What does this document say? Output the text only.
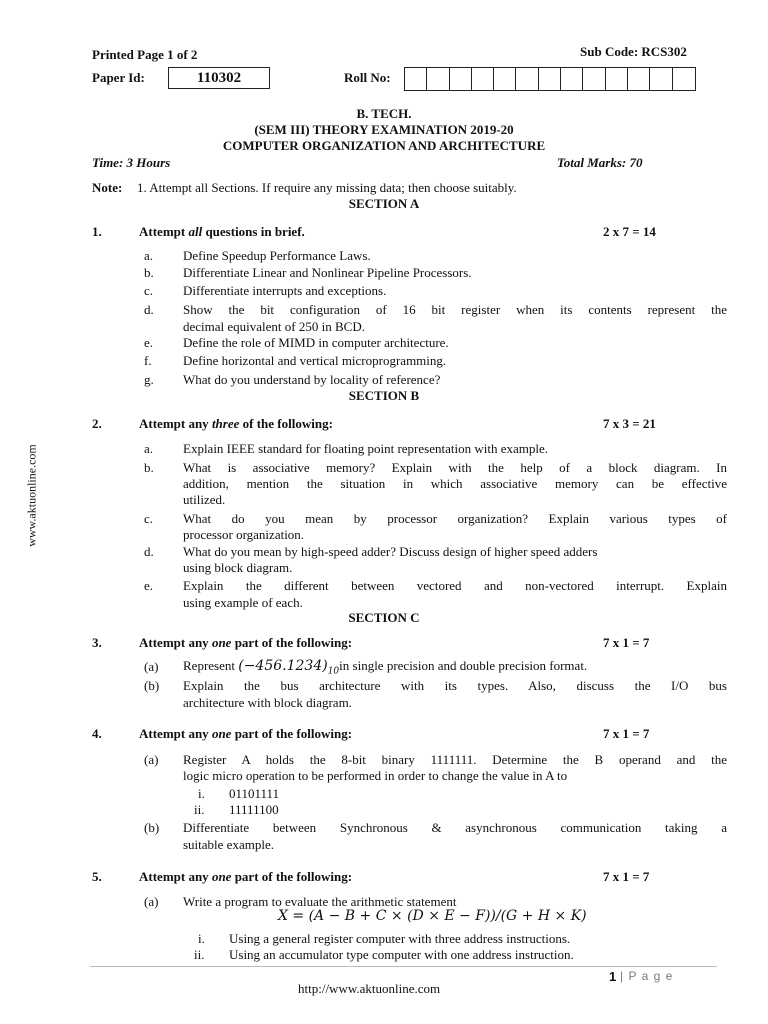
Printed Page 1 of 2	Sub Code: RCS302
Paper Id:	110302	Roll No:
B. TECH.
(SEM III) THEORY EXAMINATION 2019-20
COMPUTER ORGANIZATION AND ARCHITECTURE
Time: 3 Hours	Total Marks: 70
Note: 1. Attempt all Sections. If require any missing data; then choose suitably.
SECTION A
1.	Attempt all questions in brief.	2 x 7 = 14
a. Define Speedup Performance Laws.
b. Differentiate Linear and Nonlinear Pipeline Processors.
c. Differentiate interrupts and exceptions.
d. Show the bit configuration of 16 bit register when its contents represent the
decimal equivalent of 250 in BCD.
e. Define the role of MIMD in computer architecture.
f. Define horizontal and vertical microprogramming.
g. What do you understand by locality of reference?
SECTION B
2.	Attempt any three of the following:	7 x 3 = 21
a. Explain IEEE standard for floating point representation with example.
b. What is associative memory? Explain with the help of a block diagram. In
addition, mention the situation in which associative memory can be effective
utilized.
c. What do you mean by processor organization? Explain various types of
processor organization.
d. What do you mean by high-speed adder? Discuss design of higher speed adders
using block diagram.
e. Explain the different between vectored and non-vectored interrupt. Explain
using example of each.
SECTION C
3.	Attempt any one part of the following:	7 x 1 = 7
(a) Represent $(-456.1234)_{10}in$ single precision and double precision format.
(b) Explain the bus architecture with its types. Also, discuss the I/O bus
architecture with block diagram.
4.	Attempt any one part of the following:	7 x 1 = 7
(a) Register A holds the 8-bit binary 1111111. Determine the B operand and the
logic micro operation to be performed in order to change the value in A to
i. 01101111
ii. 11111100
(b) Differentiate between Synchronous & asynchronous communication taking a
suitable example.
5.	Attempt any one part of the following:	7 x 1 = 7
(a) Write a program to evaluate the arithmetic statement
X = (A − B + C × (D × E − F))/(G + H × K)
i. Using a general register computer with three address instructions.
ii. Using an accumulator type computer with one address instruction.
1 | P a g e
http://www.aktuonline.com
www.aktuonline.com
